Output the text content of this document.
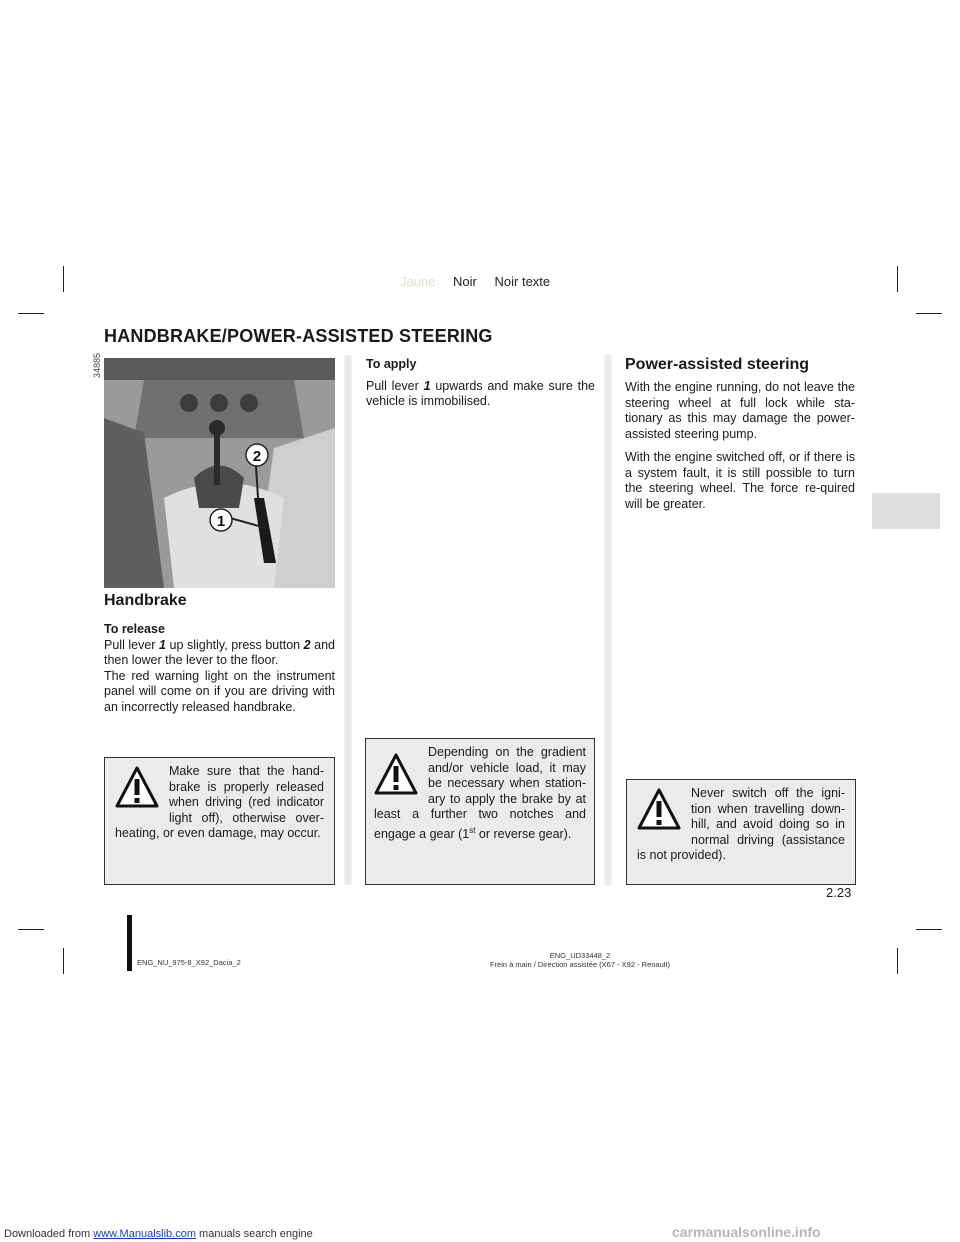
Jaune Noir Noir texte
HANDBRAKE/POWER-ASSISTED STEERING
34885
2
1
Handbrake
To release
Pull lever 1 up slightly, press button 2 and then lower the lever to the floor.
The red warning light on the instrument panel will come on if you are driving with an incorrectly released handbrake.
Make sure that the hand-brake is properly released when driving (red indicator light off), otherwise over-heating, or even damage, may occur.
To apply
Pull lever 1 upwards and make sure the vehicle is immobilised.
Depending on the gradient and/or vehicle load, it may be necessary when station-ary to apply the brake by at least a further two notches and engage a gear (1st or reverse gear).
Power-assisted steering

With the engine running, do not leave the steering wheel at full lock while sta-tionary as this may damage the power-assisted steering pump.

With the engine switched off, or if there is a system fault, it is still possible to turn the steering wheel. The force re-quired will be greater.

Never switch off the igni-tion when travelling down-hill, and avoid doing so in normal driving (assistance is not provided).
2.23
ENG_NU_975-8_X92_Dacia_2
ENG_UD33448_2
Frein à main / Direction assistée (X67 - X92 - Renault)
Downloaded from www.Manualslib.com manuals search engine	carmanualsonline.info
